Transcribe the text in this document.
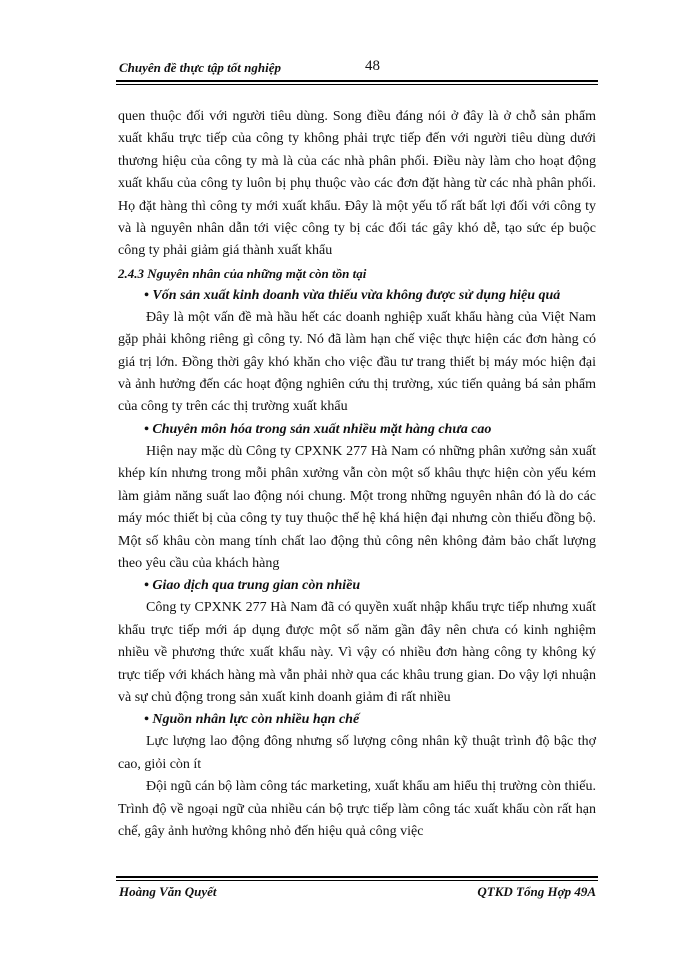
Chuyên đề thực tập tốt nghiệp	48

quen thuộc đối với người tiêu dùng. Song điều đáng nói ở đây là ở chỗ sản phẩm xuất khẩu trực tiếp của công ty không phải trực tiếp đến với người tiêu dùng dưới thương hiệu của công ty mà là của các nhà phân phối. Điều này làm cho hoạt động xuất khẩu của công ty luôn bị phụ thuộc vào các đơn đặt hàng từ các nhà phân phối. Họ đặt hàng thì công ty mới xuất khẩu. Đây là một yếu tố rất bất lợi đối với công ty và là nguyên nhân dẫn tới việc công ty bị các đối tác gây khó dễ, tạo sức ép buộc công ty phải giảm giá thành xuất khẩu

2.4.3 Nguyên nhân của những mặt còn tồn tại
• Vốn sản xuất kinh doanh vừa thiếu vừa không được sử dụng hiệu quả

Đây là một vấn đề mà hầu hết các doanh nghiệp xuất khẩu hàng của Việt Nam gặp phải không riêng gì công ty. Nó đã làm hạn chế việc thực hiện các đơn hàng có giá trị lớn. Đồng thời gây khó khăn cho việc đầu tư trang thiết bị máy móc hiện đại và ảnh hưởng đến các hoạt động nghiên cứu thị trường, xúc tiến quảng bá sản phẩm của công ty trên các thị trường xuất khẩu

• Chuyên môn hóa trong sản xuất nhiều mặt hàng chưa cao

Hiện nay mặc dù Công ty CPXNK 277 Hà Nam có những phân xưởng sản xuất khép kín nhưng trong mỗi phân xưởng vẫn còn một số khâu thực hiện còn yếu kém làm giảm năng suất lao động nói chung. Một trong những nguyên nhân đó là do các máy móc thiết bị của công ty tuy thuộc thế hệ khá hiện đại nhưng còn thiếu đồng bộ. Một số khâu còn mang tính chất lao động thủ công nên không đảm bảo chất lượng theo yêu cầu của khách hàng

• Giao dịch qua trung gian còn nhiều

Công ty CPXNK 277 Hà Nam đã có quyền xuất nhập khẩu trực tiếp nhưng xuất khẩu trực tiếp mới áp dụng được một số năm gần đây nên chưa có kinh nghiệm nhiều về phương thức xuất khẩu này. Vì vậy có nhiều đơn hàng công ty không ký trực tiếp với khách hàng mà vẫn phải nhờ qua các khâu trung gian. Do vậy lợi nhuận và sự chủ động trong sản xuất kinh doanh giảm đi rất nhiều

• Nguồn nhân lực còn nhiều hạn chế

Lực lượng lao động đông nhưng số lượng công nhân kỹ thuật trình độ bậc thợ cao, giỏi còn ít

Đội ngũ cán bộ làm công tác marketing, xuất khẩu am hiểu thị trường còn thiếu. Trình độ về ngoại ngữ của nhiều cán bộ trực tiếp làm công tác xuất khẩu còn rất hạn chế, gây ảnh hưởng không nhỏ đến hiệu quả công việc

Hoàng Văn Quyết	QTKD Tổng Hợp 49A
